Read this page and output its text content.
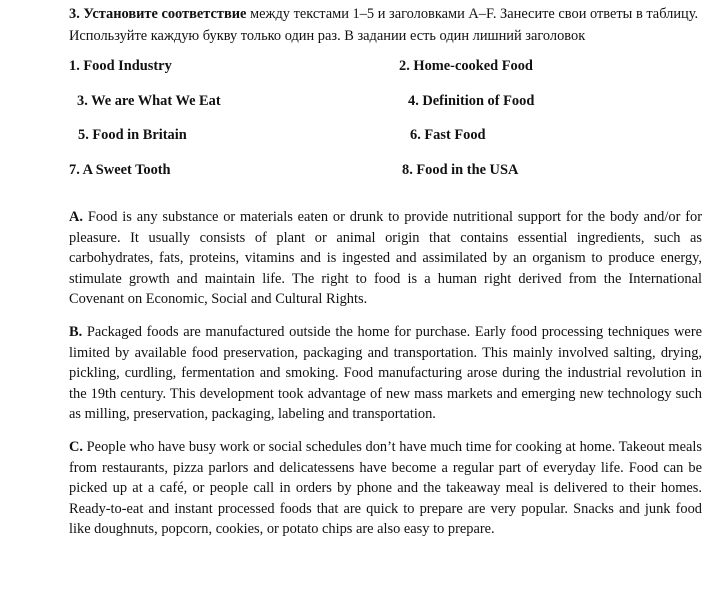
3. Установите соответствие между текстами 1–5 и заголовками A–F. Занесите свои ответы в таблицу. Используйте каждую букву только один раз. В задании есть один лишний заголовок

1. Food Industry	2. Home-cooked Food
3. We are What We Eat	4. Definition of Food
5. Food in Britain	6. Fast Food
7. A Sweet Tooth	8. Food in the USA

A. Food is any substance or materials eaten or drunk to provide nutritional support for the body and/or for pleasure. It usually consists of plant or animal origin that contains essential ingredients, such as carbohydrates, fats, proteins, vitamins and is ingested and assimilated by an organism to produce energy, stimulate growth and maintain life. The right to food is a human right derived from the International Covenant on Economic, Social and Cultural Rights.

B. Packaged foods are manufactured outside the home for purchase. Early food processing techniques were limited by available food preservation, packaging and transportation. This mainly involved salting, drying, pickling, curdling, fermentation and smoking. Food manufacturing arose during the industrial revolution in the 19th century. This development took advantage of new mass markets and emerging new technology such as milling, preservation, packaging, labeling and transportation.

C. People who have busy work or social schedules don’t have much time for cooking at home. Takeout meals from restaurants, pizza parlors and delicatessens have become a regular part of everyday life. Food can be picked up at a café, or people call in orders by phone and the takeaway meal is delivered to their homes. Ready-to-eat and instant processed foods that are quick to prepare are very popular. Snacks and junk food like doughnuts, popcorn, cookies, or potato chips are also easy to prepare.
